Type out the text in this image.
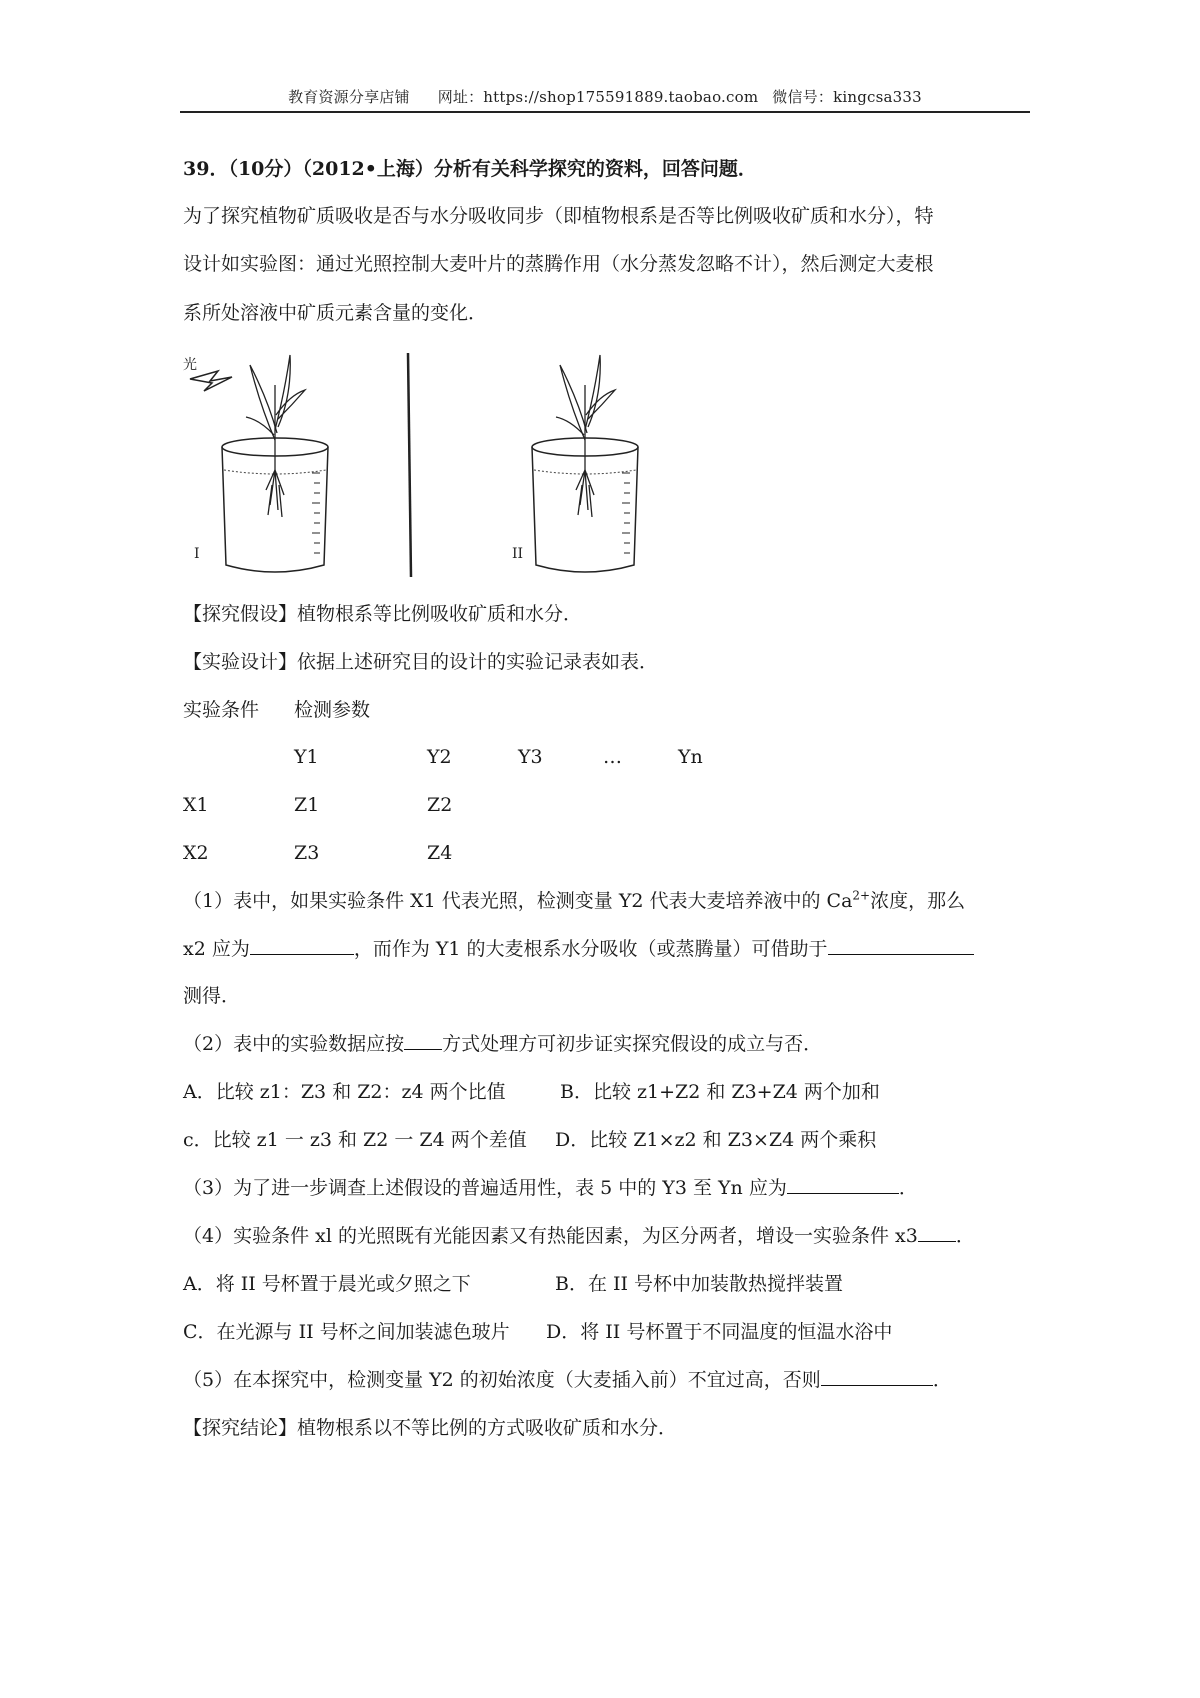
教育资源分享店铺 网址：https://shop175591889.taobao.com 微信号：kingcsa333
39．（10分）（2012•上海）分析有关科学探究的资料，回答问题．
为了探究植物矿质吸收是否与水分吸收同步（即植物根系是否等比例吸收矿质和水分），特
设计如实验图：通过光照控制大麦叶片的蒸腾作用（水分蒸发忽略不计），然后测定大麦根
系所处溶液中矿质元素含量的变化．
光
I	II
【探究假设】植物根系等比例吸收矿质和水分．
【实验设计】依据上述研究目的设计的实验记录表如表．
实验条件 检测参数
Y1	Y2	Y3	…	Yn
X1	Z1	Z2
X2	Z3	Z4
（1）表中，如果实验条件 X1 代表光照，检测变量 Y2 代表大麦培养液中的 $Ca^{2+}$浓度，那么
x2 应为	，而作为 Y1 的大麦根系水分吸收（或蒸腾量）可借助于
测得．
（2）表中的实验数据应按 方式处理方可初步证实探究假设的成立与否．
A．比较 z1：Z3 和 Z2：z4 两个比值	B．比较 z1+Z2 和 Z3+Z4 两个加和
c．比较 z1 一 z3 和 Z2 一 Z4 两个差值 D．比较 Z1×z2 和 Z3×Z4 两个乘积
（3）为了进一步调查上述假设的普遍适用性，表 5 中的 Y3 至 Yn 应为	．
（4）实验条件 xl 的光照既有光能因素又有热能因素，为区分两者，增设一实验条件 x3 ．
A．将 II 号杯置于晨光或夕照之下	B．在 II 号杯中加装散热搅拌装置
C．在光源与 II 号杯之间加装滤色玻片 D．将 II 号杯置于不同温度的恒温水浴中
（5）在本探究中，检测变量 Y2 的初始浓度（大麦插入前）不宜过高，否则	．
【探究结论】植物根系以不等比例的方式吸收矿质和水分．
